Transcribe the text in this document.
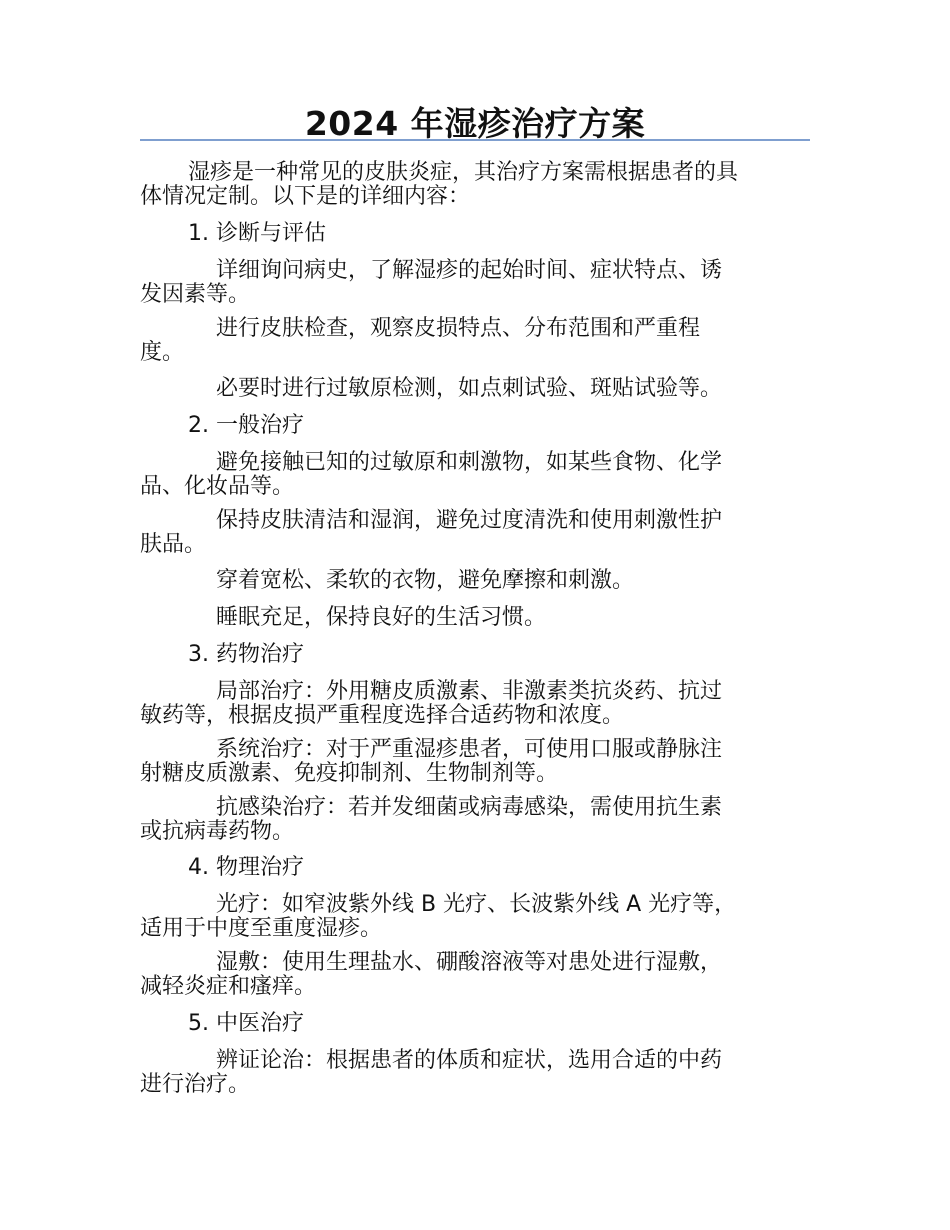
2024 年湿疹治疗方案
湿疹是一种常见的皮肤炎症，其治疗方案需根据患者的具
体情况定制。以下是的详细内容：
1. 诊断与评估
详细询问病史，了解湿疹的起始时间、症状特点、诱
发因素等。
进行皮肤检查，观察皮损特点、分布范围和严重程
度。
必要时进行过敏原检测，如点刺试验、斑贴试验等。
2. 一般治疗
避免接触已知的过敏原和刺激物，如某些食物、化学
品、化妆品等。
保持皮肤清洁和湿润，避免过度清洗和使用刺激性护
肤品。
穿着宽松、柔软的衣物，避免摩擦和刺激。
睡眠充足，保持良好的生活习惯。
3. 药物治疗
局部治疗：外用糖皮质激素、非激素类抗炎药、抗过
敏药等，根据皮损严重程度选择合适药物和浓度。
系统治疗：对于严重湿疹患者，可使用口服或静脉注
射糖皮质激素、免疫抑制剂、生物制剂等。
抗感染治疗：若并发细菌或病毒感染，需使用抗生素
或抗病毒药物。
4. 物理治疗
光疗：如窄波紫外线 B 光疗、长波紫外线 A 光疗等，
适用于中度至重度湿疹。
湿敷：使用生理盐水、硼酸溶液等对患处进行湿敷，
减轻炎症和瘙痒。
5. 中医治疗
辨证论治：根据患者的体质和症状，选用合适的中药
进行治疗。
